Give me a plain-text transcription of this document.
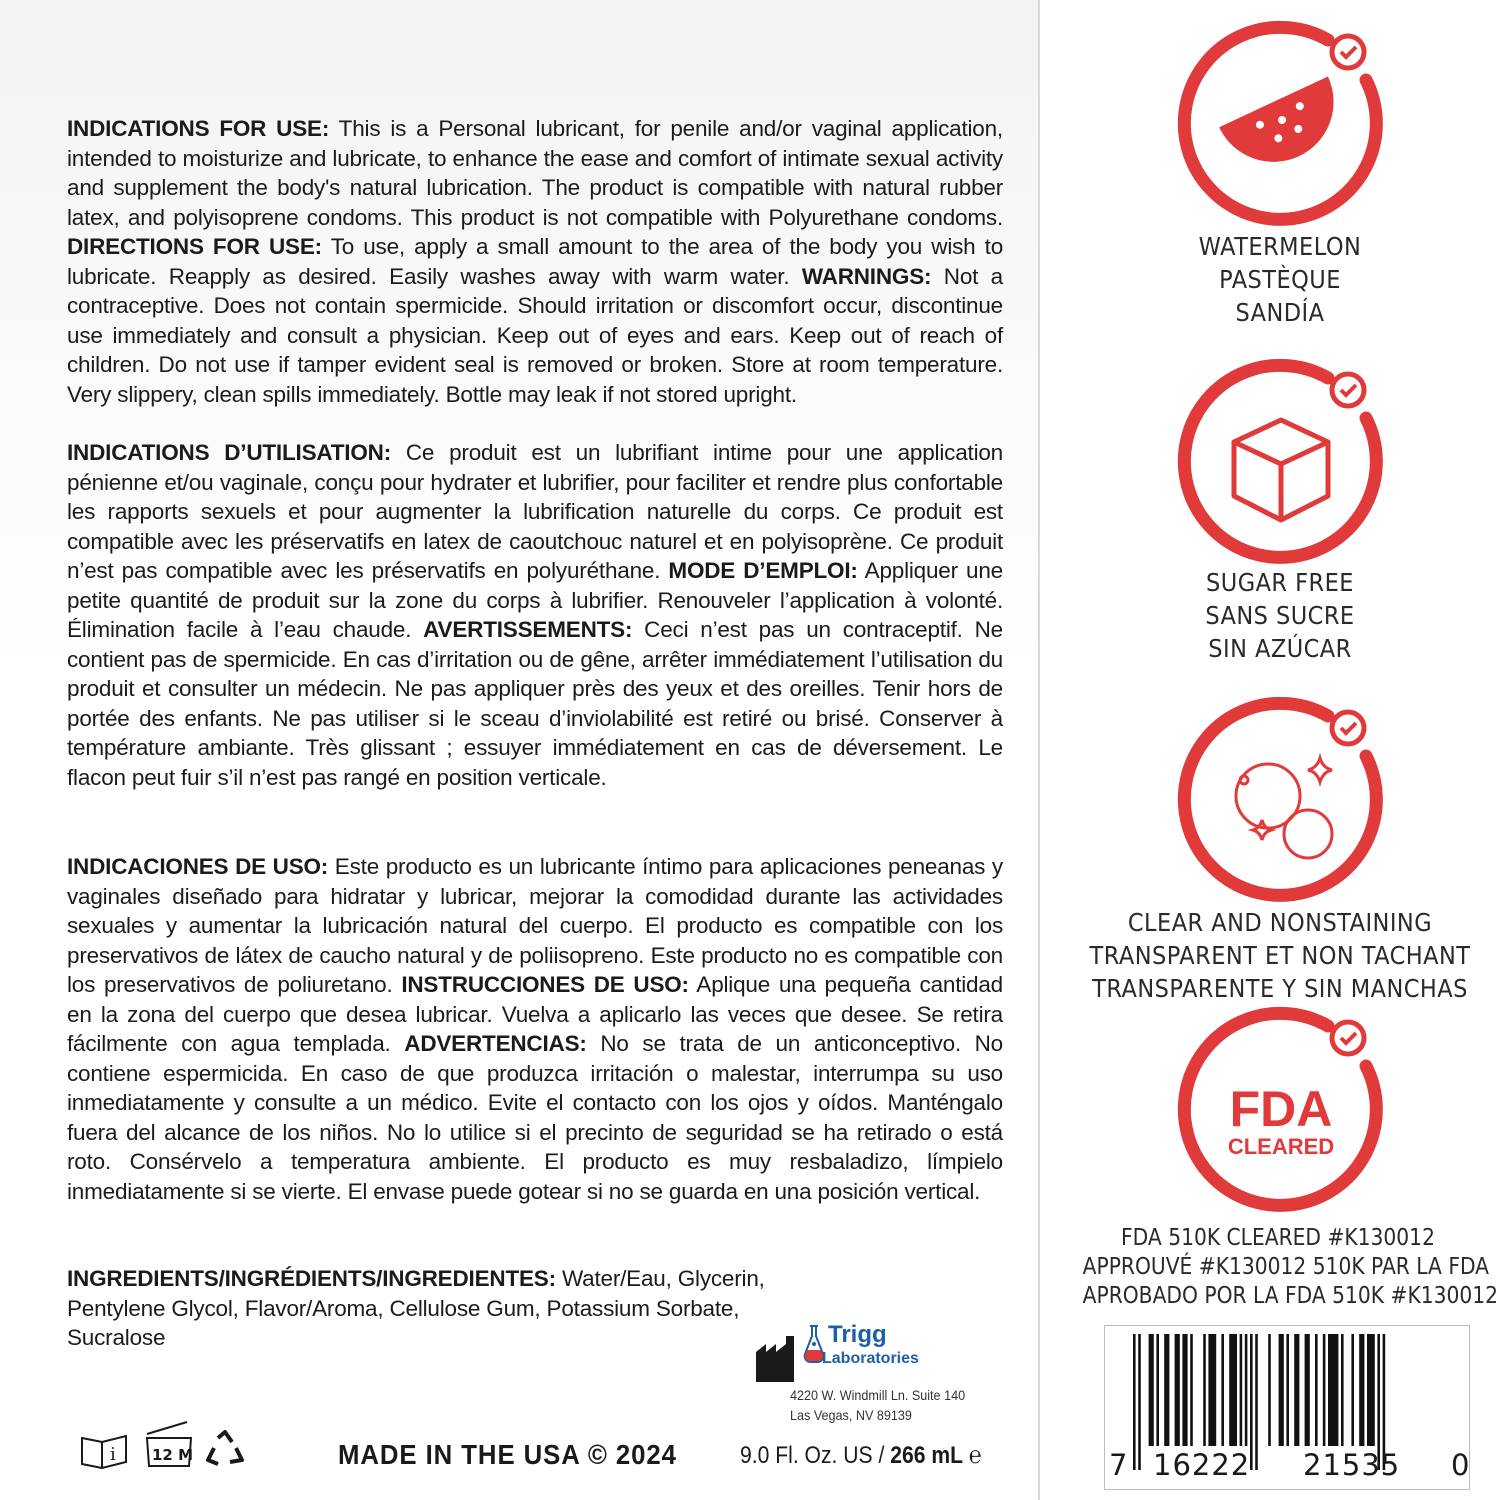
INDICATIONS FOR USE: This is a Personal lubricant, for penile and/or vaginal application, intended to moisturize and lubricate, to enhance the ease and comfort of intimate sexual activity and supplement the body's natural lubrication. The product is compatible with natural rubber latex, and polyisoprene condoms. This product is not compatible with Polyurethane condoms. DIRECTIONS FOR USE: To use, apply a small amount to the area of the body you wish to lubricate. Reapply as desired. Easily washes away with warm water. WARNINGS: Not a contraceptive. Does not contain spermicide. Should irritation or discomfort occur, discontinue use immediately and consult a physician. Keep out of eyes and ears. Keep out of reach of children. Do not use if tamper evident seal is removed or broken. Store at room temperature. Very slippery, clean spills immediately. Bottle may leak if not stored upright.
INDICATIONS D’UTILISATION: Ce produit est un lubrifiant intime pour une application pénienne et/ou vaginale, conçu pour hydrater et lubrifier, pour faciliter et rendre plus confortable les rapports sexuels et pour augmenter la lubrification naturelle du corps. Ce produit est compatible avec les préservatifs en latex de caoutchouc naturel et en polyisoprène. Ce produit n’est pas compatible avec les préservatifs en polyuréthane. MODE D’EMPLOI: Appliquer une petite quantité de produit sur la zone du corps à lubrifier. Renouveler l’application à volonté. Élimination facile à l’eau chaude. AVERTISSEMENTS: Ceci n’est pas un contraceptif. Ne contient pas de spermicide. En cas d’irritation ou de gêne, arrêter immédiatement l’utilisation du produit et consulter un médecin. Ne pas appliquer près des yeux et des oreilles. Tenir hors de portée des enfants. Ne pas utiliser si le sceau d’inviolabilité est retiré ou brisé. Conserver à température ambiante. Très glissant ; essuyer immédiatement en cas de déversement. Le flacon peut fuir s’il n’est pas rangé en position verticale.
INDICACIONES DE USO: Este producto es un lubricante íntimo para aplicaciones peneanas y vaginales diseñado para hidratar y lubricar, mejorar la comodidad durante las actividades sexuales y aumentar la lubricación natural del cuerpo. El producto es compatible con los preservativos de látex de caucho natural y de poliisopreno. Este producto no es compatible con los preservativos de poliuretano. INSTRUCCIONES DE USO: Aplique una pequeña cantidad en la zona del cuerpo que desea lubricar. Vuelva a aplicarlo las veces que desee. Se retira fácilmente con agua templada. ADVERTENCIAS: No se trata de un anticonceptivo. No contiene espermicida. En caso de que produzca irritación o malestar, interrumpa su uso inmediatamente y consulte a un médico. Evite el contacto con los ojos y oídos. Manténgalo fuera del alcance de los niños. No lo utilice si el precinto de seguridad se ha retirado o está roto. Consérvelo a temperatura ambiente. El producto es muy resbaladizo, límpielo inmediatamente si se vierte. El envase puede gotear si no se guarda en una posición vertical.
INGREDIENTS/INGRÉDIENTS/INGREDIENTES: Water/Eau, Glycerin, Pentylene Glycol, Flavor/Aroma, Cellulose Gum, Potassium Sorbate, Sucralose	Trigg
Laboratories
4220 W. Windmill Ln. Suite 140
Las Vegas, NV 89139
i 12 M	MADE IN THE USA © 2024	9.0 Fl. Oz. US / 266 mL ℮
WATERMELON
PASTÈQUE
SANDÍA
SUGAR FREE
SANS SUCRE
SIN AZÚCAR
CLEAR AND NONSTAINING
TRANSPARENT ET NON TACHANT
TRANSPARENTE Y SIN MANCHAS
FDA
CLEARED
FDA 510K CLEARED #K130012
APPROUVÉ #K130012 510K PAR LA FDA
APROBADO POR LA FDA 510K #K130012
7 16222 21535 0
